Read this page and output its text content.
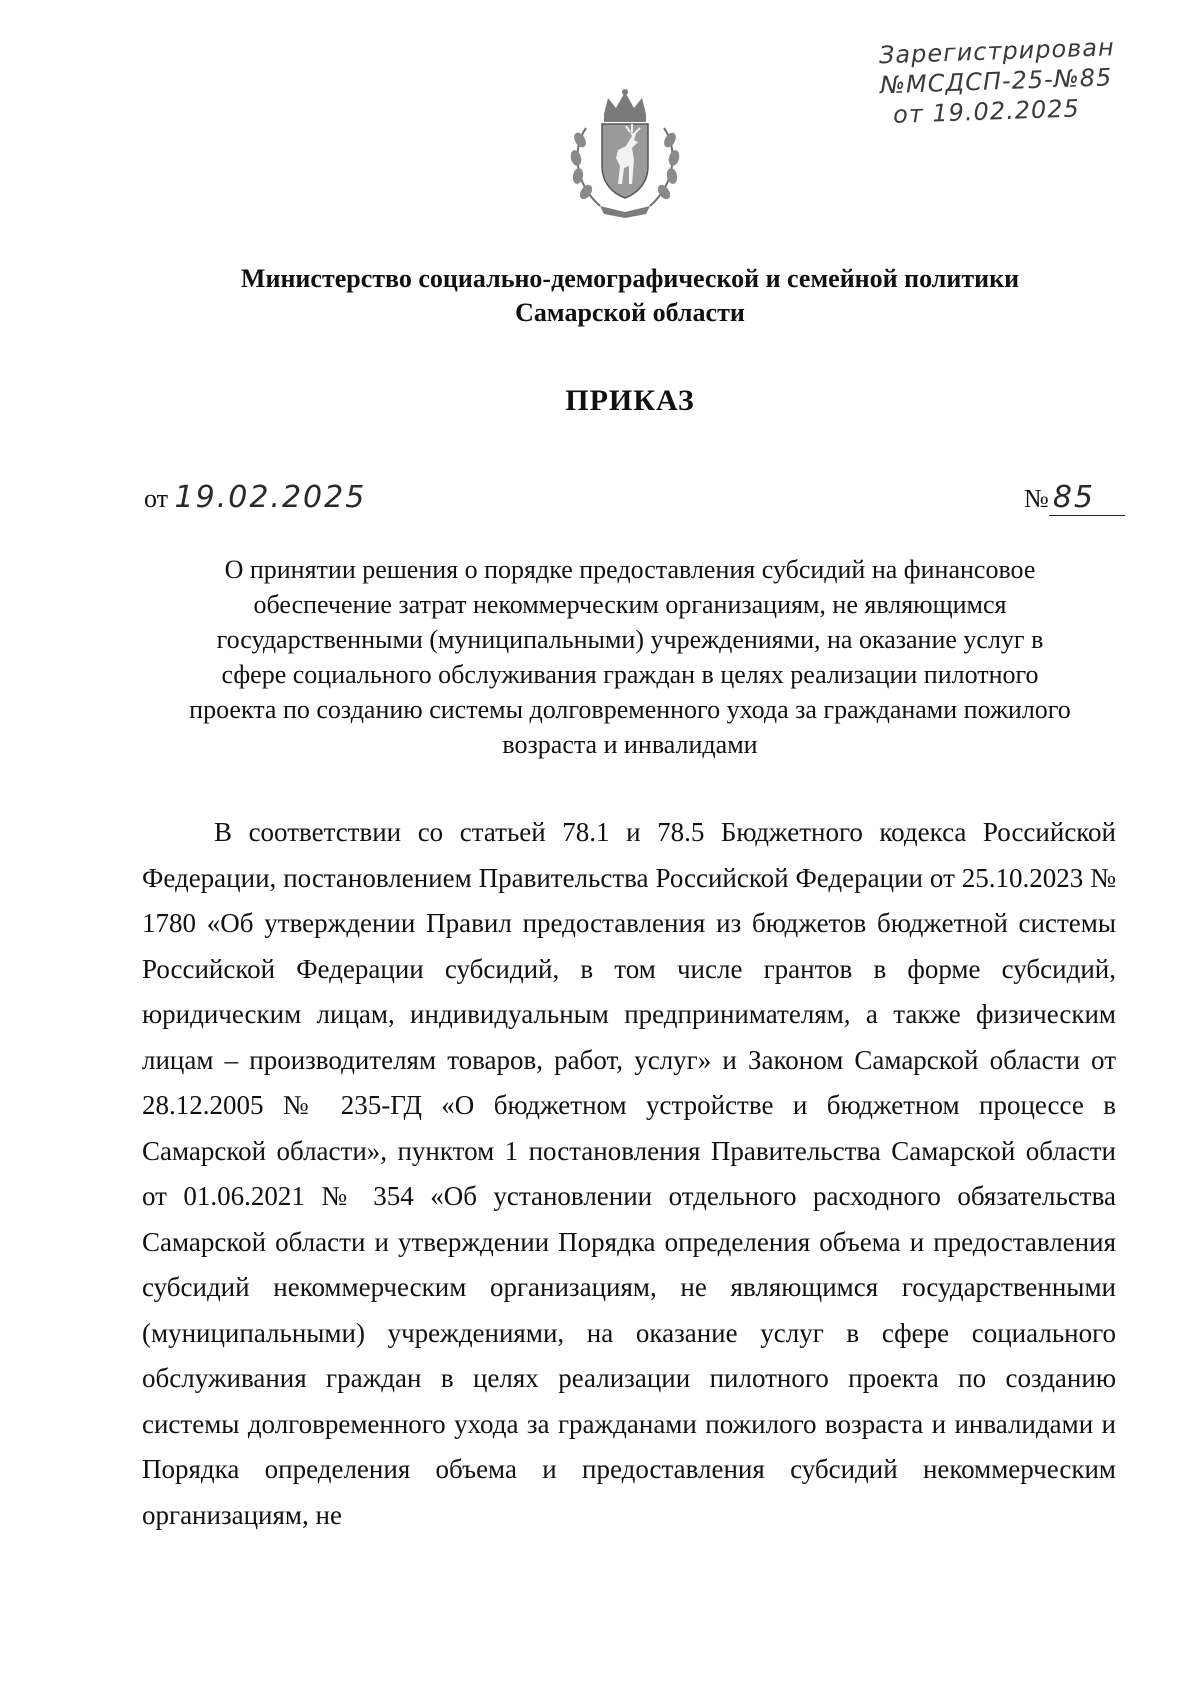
Зарегистрирован
№МСДСП-25-№85
от 19.02.2025
Министерство социально-демографической и семейной политики
Самарской области
ПРИКАЗ
от 19.02.2025	№ 85
О принятии решения о порядке предоставления субсидий на финансовое
обеспечение затрат некоммерческим организациям, не являющимся
государственными (муниципальными) учреждениями, на оказание услуг в
сфере социального обслуживания граждан в целях реализации пилотного
проекта по созданию системы долговременного ухода за гражданами пожилого
возраста и инвалидами
В соответствии со статьей 78.1 и 78.5 Бюджетного кодекса Российской Федерации, постановлением Правительства Российской Федерации от 25.10.2023 № 1780 «Об утверждении Правил предоставления из бюджетов бюджетной системы Российской Федерации субсидий, в том числе грантов в форме субсидий, юридическим лицам, индивидуальным предпринимателям, а также физическим лицам – производителям товаров, работ, услуг» и Законом Самарской области от 28.12.2005 № 235-ГД «О бюджетном устройстве и бюджетном процессе в Самарской области», пунктом 1 постановления Правительства Самарской области от 01.06.2021 № 354 «Об установлении отдельного расходного обязательства Самарской области и утверждении Порядка определения объема и предоставления субсидий некоммерческим организациям, не являющимся государственными (муниципальными) учреждениями, на оказание услуг в сфере социального обслуживания граждан в целях реализации пилотного проекта по созданию системы долговременного ухода за гражданами пожилого возраста и инвалидами и Порядка определения объема и предоставления субсидий некоммерческим организациям, не
